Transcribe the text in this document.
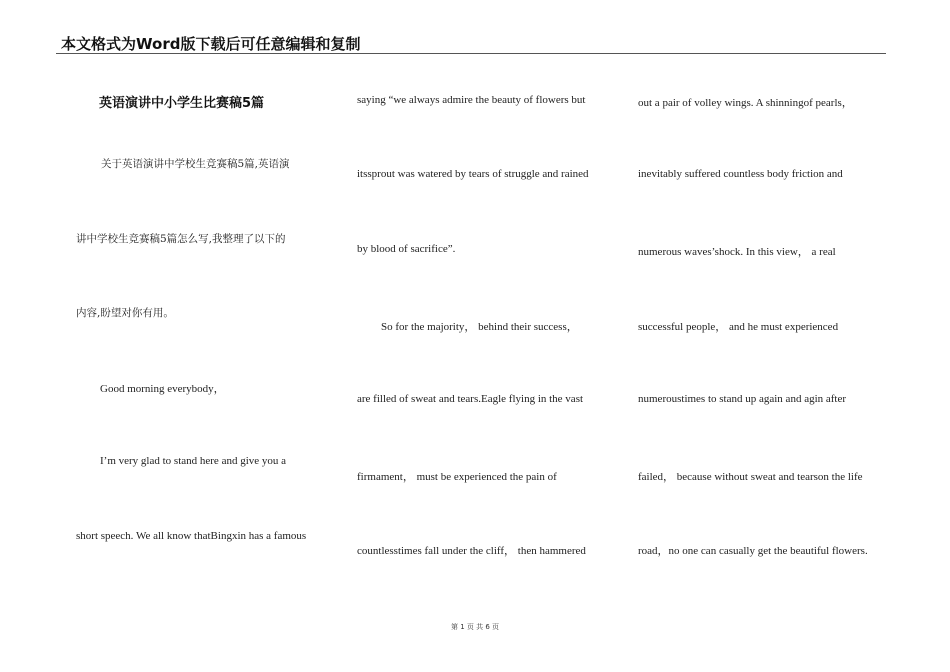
本文格式为Word版下载后可任意编辑和复制
英语演讲中小学生比赛稿5篇
关于英语演讲中学校生竞赛稿5篇,英语演
讲中学校生竞赛稿5篇怎么写,我整理了以下的
内容,盼望对你有用。
Good morning everybody，
I’m very glad to stand here and give you a
short speech. We all know thatBingxin has a famous
saying “we always admire the beauty of flowers but
itssprout was watered by tears of struggle and rained
by blood of sacrifice”.
So for the majority， behind their success，
are filled of sweat and tears.Eagle flying in the vast
firmament， must be experienced the pain of
countlesstimes fall under the cliff， then hammered
out a pair of volley wings. A shinningof pearls，
inevitably suffered countless body friction and
numerous waves’shock. In this view， a real
successful people， and he must experienced
numeroustimes to stand up again and agin after
failed， because without sweat and tearson the life
road，no one can casually get the beautiful flowers.
第 1 页 共 6 页
